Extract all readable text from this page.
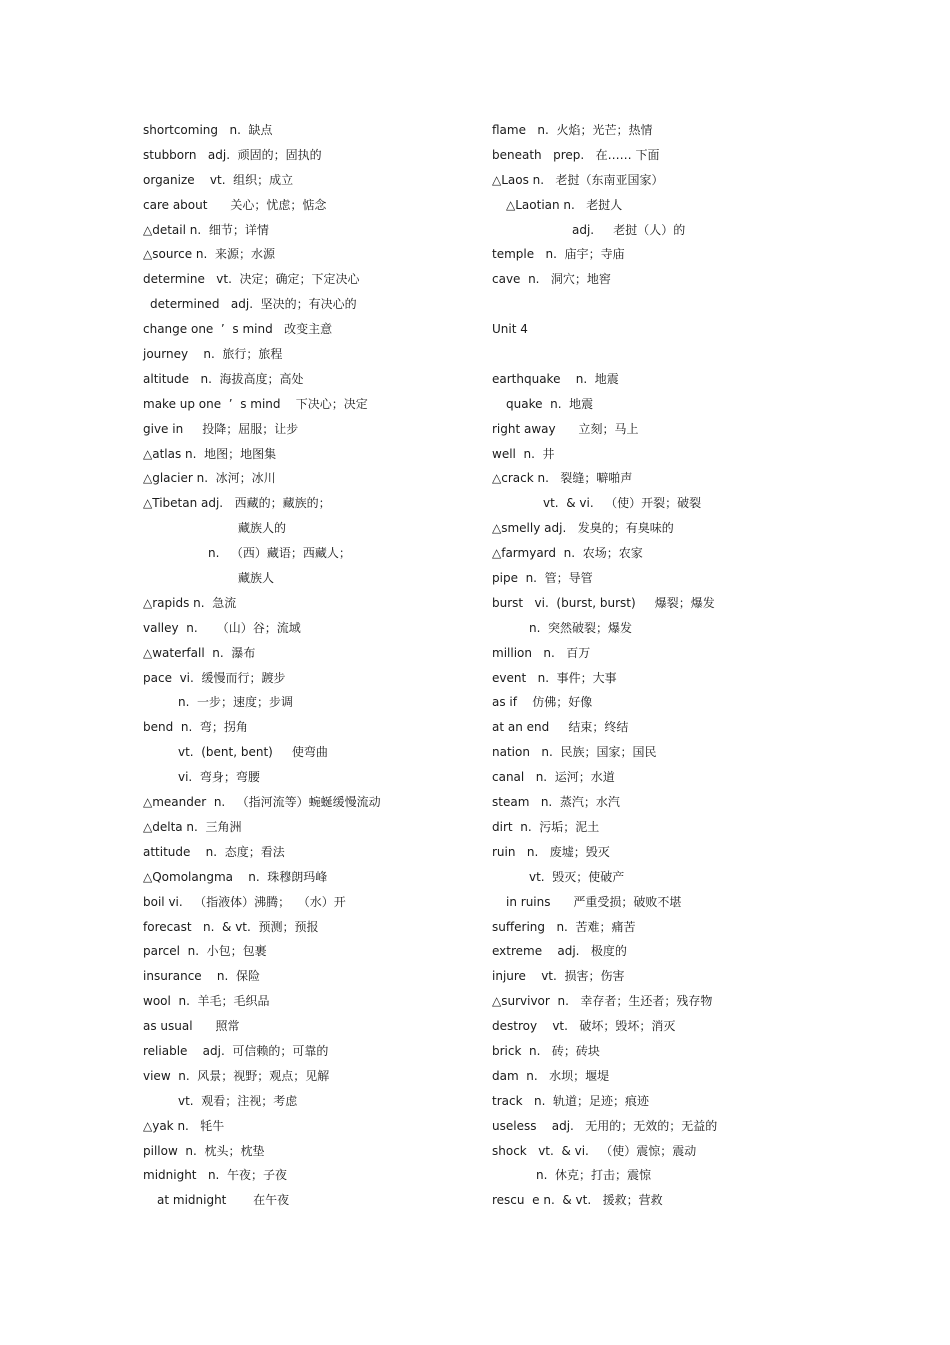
shortcoming   n.  缺点
stubborn   adj.  顽固的；固执的
organize    vt.  组织；成立
care about      关心；忧虑；惦念
△detail n.  细节；详情
△source n.  来源；水源
determine   vt.  决定；确定；下定决心
determined   adj.  坚决的；有决心的
change one  ’  s mind   改变主意
journey    n.  旅行；旅程
altitude   n.  海拔高度；高处
make up one  ’  s mind    下决心；决定
give in     投降；屈服；让步
△atlas n.  地图；地图集
△glacier n.  冰河；冰川
△Tibetan adj.   西藏的；藏族的；
藏族人的
n.   （西）藏语；西藏人；
藏族人
△rapids n.  急流
valley  n.     （山）谷；流域
△waterfall  n.  瀑布
pace  vi.  缓慢而行；踱步
n.  一步；速度；步调
bend  n.  弯；拐角
vt.  (bent, bent)     使弯曲
vi.  弯身；弯腰
△meander  n.   （指河流等）蜿蜒缓慢流动
△delta n.  三角洲
attitude    n.  态度；看法
△Qomolangma    n.  珠穆朗玛峰
boil vi.   （指液体）沸腾；  （水）开
forecast   n.  & vt.  预测；预报
parcel  n.  小包；包裹
insurance    n.  保险
wool  n.  羊毛；毛织品
as usual      照常
reliable    adj.  可信赖的；可靠的
view  n.  风景；视野；观点；见解
vt.  观看；注视；考虑
△yak n.   牦牛
pillow  n.  枕头；枕垫
midnight   n.  午夜；子夜
at midnight       在午夜
flame   n.  火焰；光芒；热情
beneath   prep.   在…… 下面
△Laos n.   老挝（东南亚国家）
△Laotian n.   老挝人
adj.     老挝（人）的
temple   n.  庙宇；寺庙
cave  n.   洞穴；地窖
Unit 4
earthquake    n.  地震
quake  n.  地震
right away      立刻；马上
well  n.  井
△crack n.   裂缝；噼啪声
vt.  & vi.   （使）开裂；破裂
△smelly adj.   发臭的；有臭味的
△farmyard  n.  农场；农家
pipe  n.  管；导管
burst   vi.  (burst, burst)     爆裂；爆发
n.  突然破裂；爆发
million   n.   百万
event   n.  事件；大事
as if    仿佛；好像
at an end     结束；终结
nation   n.  民族；国家；国民
canal   n.  运河；水道
steam   n.  蒸汽；水汽
dirt  n.  污垢；泥土
ruin   n.   废墟；毁灭
vt.  毁灭；使破产
in ruins      严重受损；破败不堪
suffering   n.  苦难；痛苦
extreme    adj.   极度的
injure    vt.  损害；伤害
△survivor  n.   幸存者；生还者；残存物
destroy    vt.   破坏；毁坏；消灭
brick  n.   砖；砖块
dam  n.   水坝；堰堤
track   n.  轨道；足迹；痕迹
useless    adj.   无用的；无效的；无益的
shock   vt.  & vi.   （使）震惊；震动
n.  休克；打击；震惊
rescu  e n.  & vt.   援救；营救
